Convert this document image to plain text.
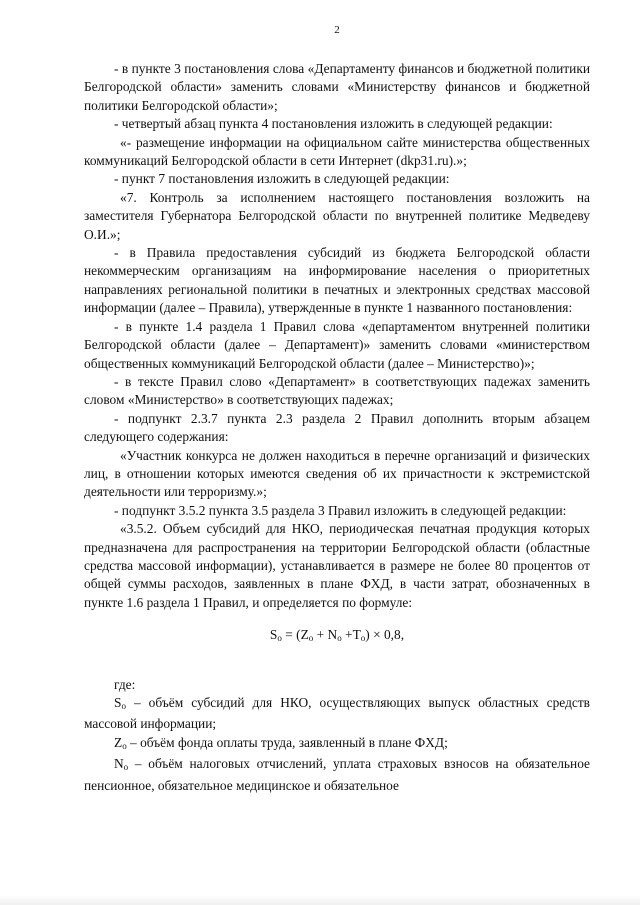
2

- в пункте 3 постановления слова «Департаменту финансов и бюджетной политики Белгородской области» заменить словами «Министерству финансов и бюджетной политики Белгородской области»;

- четвертый абзац пункта 4 постановления изложить в следующей редакции:

«- размещение информации на официальном сайте министерства общественных коммуникаций Белгородской области в сети Интернет (dkp31.ru).»;

- пункт 7 постановления изложить в следующей редакции:

«7. Контроль за исполнением настоящего постановления возложить на заместителя Губернатора Белгородской области по внутренней политике Медведеву О.И.»;

- в Правила предоставления субсидий из бюджета Белгородской области некоммерческим организациям на информирование населения о приоритетных направлениях региональной политики в печатных и электронных средствах массовой информации (далее – Правила), утвержденные в пункте 1 названного постановления:

- в пункте 1.4 раздела 1 Правил слова «департаментом внутренней политики Белгородской области (далее – Департамент)» заменить словами «министерством общественных коммуникаций Белгородской области (далее – Министерство)»;

- в тексте Правил слово «Департамент» в соответствующих падежах заменить словом «Министерство» в соответствующих падежах;

- подпункт 2.3.7 пункта 2.3 раздела 2 Правил дополнить вторым абзацем следующего содержания:

«Участник конкурса не должен находиться в перечне организаций и физических лиц, в отношении которых имеются сведения об их причастности к экстремистской деятельности или терроризму.»;

- подпункт 3.5.2 пункта 3.5 раздела 3 Правил изложить в следующей редакции:

«3.5.2. Объем субсидий для НКО, периодическая печатная продукция которых предназначена для распространения на территории Белгородской области (областные средства массовой информации), устанавливается в размере не более 80 процентов от общей суммы расходов, заявленных в плане ФХД, в части затрат, обозначенных в пункте 1.6 раздела 1 Правил, и определяется по формуле:

$S_о = (Z_о + N_о +T_о) \times 0,8$,

где:

$S_о$ – объём субсидий для НКО, осуществляющих выпуск областных средств массовой информации;

$Z_о$ – объём фонда оплаты труда, заявленный в плане ФХД;

$N_о$ – объём налоговых отчислений, уплата страховых взносов на обязательное пенсионное, обязательное медицинское и обязательное
